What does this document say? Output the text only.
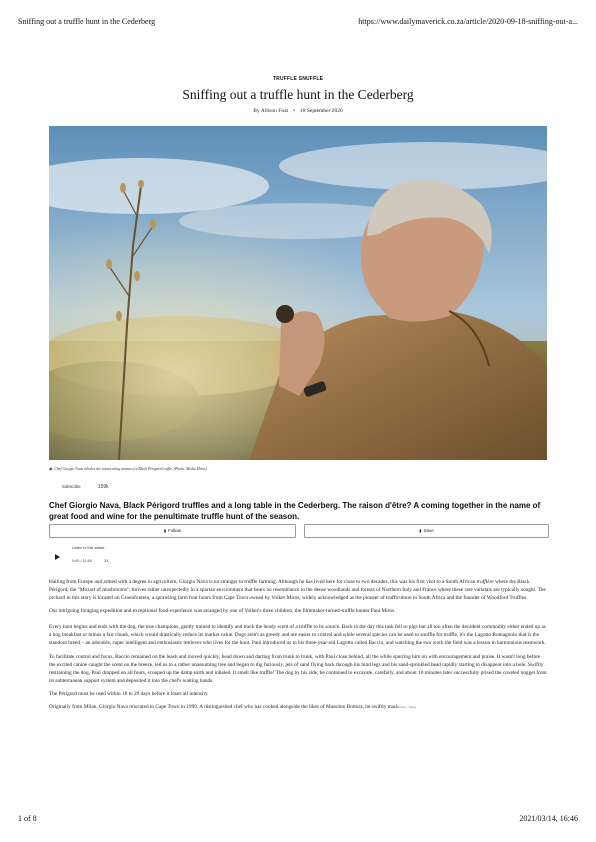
Sniffing out a truffle hunt in the Cederberg	https://www.dailymaverick.co.za/article/2020-09-18-sniffing-out-a...
TRUFFLE SNUFFLE
Sniffing out a truffle hunt in the Cederberg
By Allison Foat • 18 September 2020
◉ Chef Giorgio Nava inhales the intoxicating aroma of a Black Périgord truffle. (Photo: Misha Miros)
Subscribe	159k
Chef Giorgio Nava, Black Périgord truffles and a long table in the Cederberg. The raison d'être? A coming together in the name of great food and wine for the penultimate truffle hunt of the season.
▮ Follow	▮ Save
Listen to this article
0:00 / 11:44	1X

Hailing from Europe and armed with a degree in agriculture, Giorgio Nava is no stranger to truffle farming. Although he has lived here for close to two decades, this was his first visit to a South African truffière where the Black Périgord, the "Mozart of mushrooms", thrives rather unexpectedly in a spartan environment that bears no resemblance to the dense woodlands and forests of Northern Italy and France where these rare varietals are typically sought. The orchard in this story is located on Groenfontein, a sprawling farm four hours from Cape Town owned by Volker Miros, widely acknowledged as the pioneer of trufficulture in South Africa and the founder of Woodford Truffles.

Our intriguing foraging expedition and exceptional food experience was arranged by one of Volker's three children, the filmmaker-turned-truffle hunter Paul Miros.

Every hunt begins and ends with the dog, the true champions, gently trained to identify and track the heady scent of a truffle to its source. Back in the day this task fell to pigs but all too often the decadent commodity either ended up as a hog breakfast or minus a fair chunk, which would drastically reduce its market value. Dogs aren't as greedy and are easier to control and while several species can be used to snuffle for truffle, it's the Lagotto Romagnolo that is the standout breed – an adorable, super intelligent and enthusiastic retriever who lives for the hunt. Paul introduced us to his three-year-old Lagotto called Baccio, and watching the two work the field was a lesson in harmonious teamwork.

To facilitate control and focus, Baccio remained on the leash and moved quickly, head down and darting from trunk to trunk, with Paul close behind, all the while spurring him on with encouragement and praise. It wasn't long before the excited canine caught the scent on the breeze, led us to a rather unassuming tree and began to dig furiously, jets of sand flying back through his hind legs and his sand-sprinkled head rapidly starting to disappear into a hole. Swiftly restraining the dog, Paul dropped on all fours, scooped up the damp earth and inhaled. It smelt like truffle! The dog by his side, he continued to excavate, carefully, and about 10 minutes later successfully prised the coveted nugget from its subterranean support system and deposited it into the chef's waiting hands.

The Périgord must be used within 18 to 20 days before it loses all intensity.

Originally from Milan, Giorgio Nava relocated to Cape Town in 1999. A distinguished chef who has cooked alongside the likes of Massimo Bottura, he swiftly mad$^{Privacy - Terms}$

1 of 8	2021/03/14, 16:46
